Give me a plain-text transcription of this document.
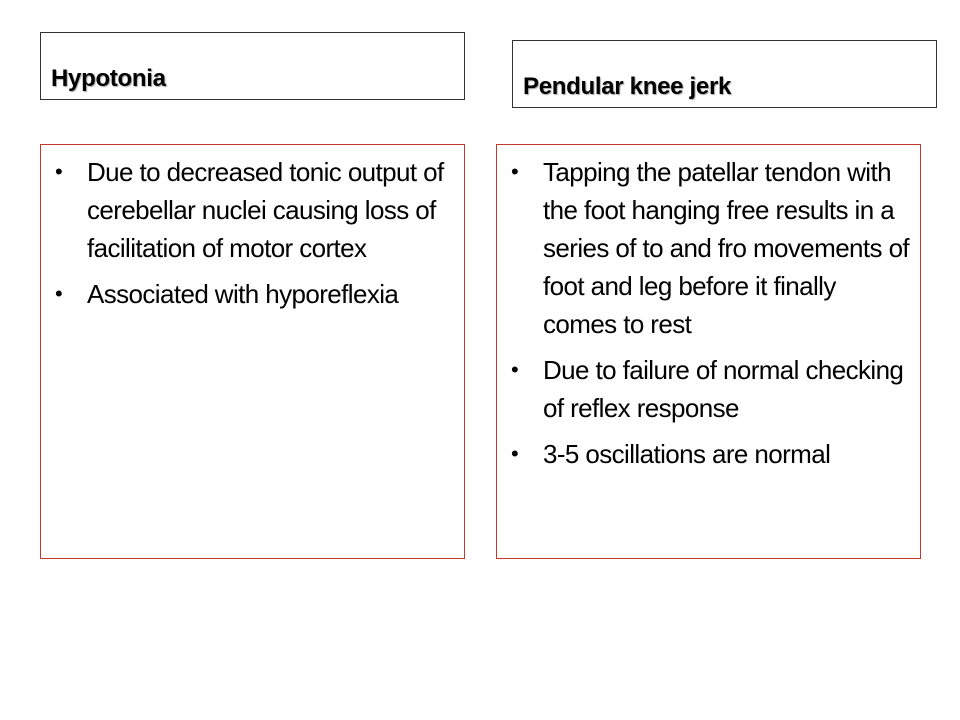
Hypotonia	Pendular knee jerk
• Due to decreased tonic output of cerebellar nuclei causing loss of facilitation of motor cortex
• Associated with hyporeflexia
• Tapping the patellar tendon with the foot hanging free results in a series of to and fro movements of foot and leg before it finally comes to rest
• Due to failure of normal checking of reflex response
• 3-5 oscillations are normal
